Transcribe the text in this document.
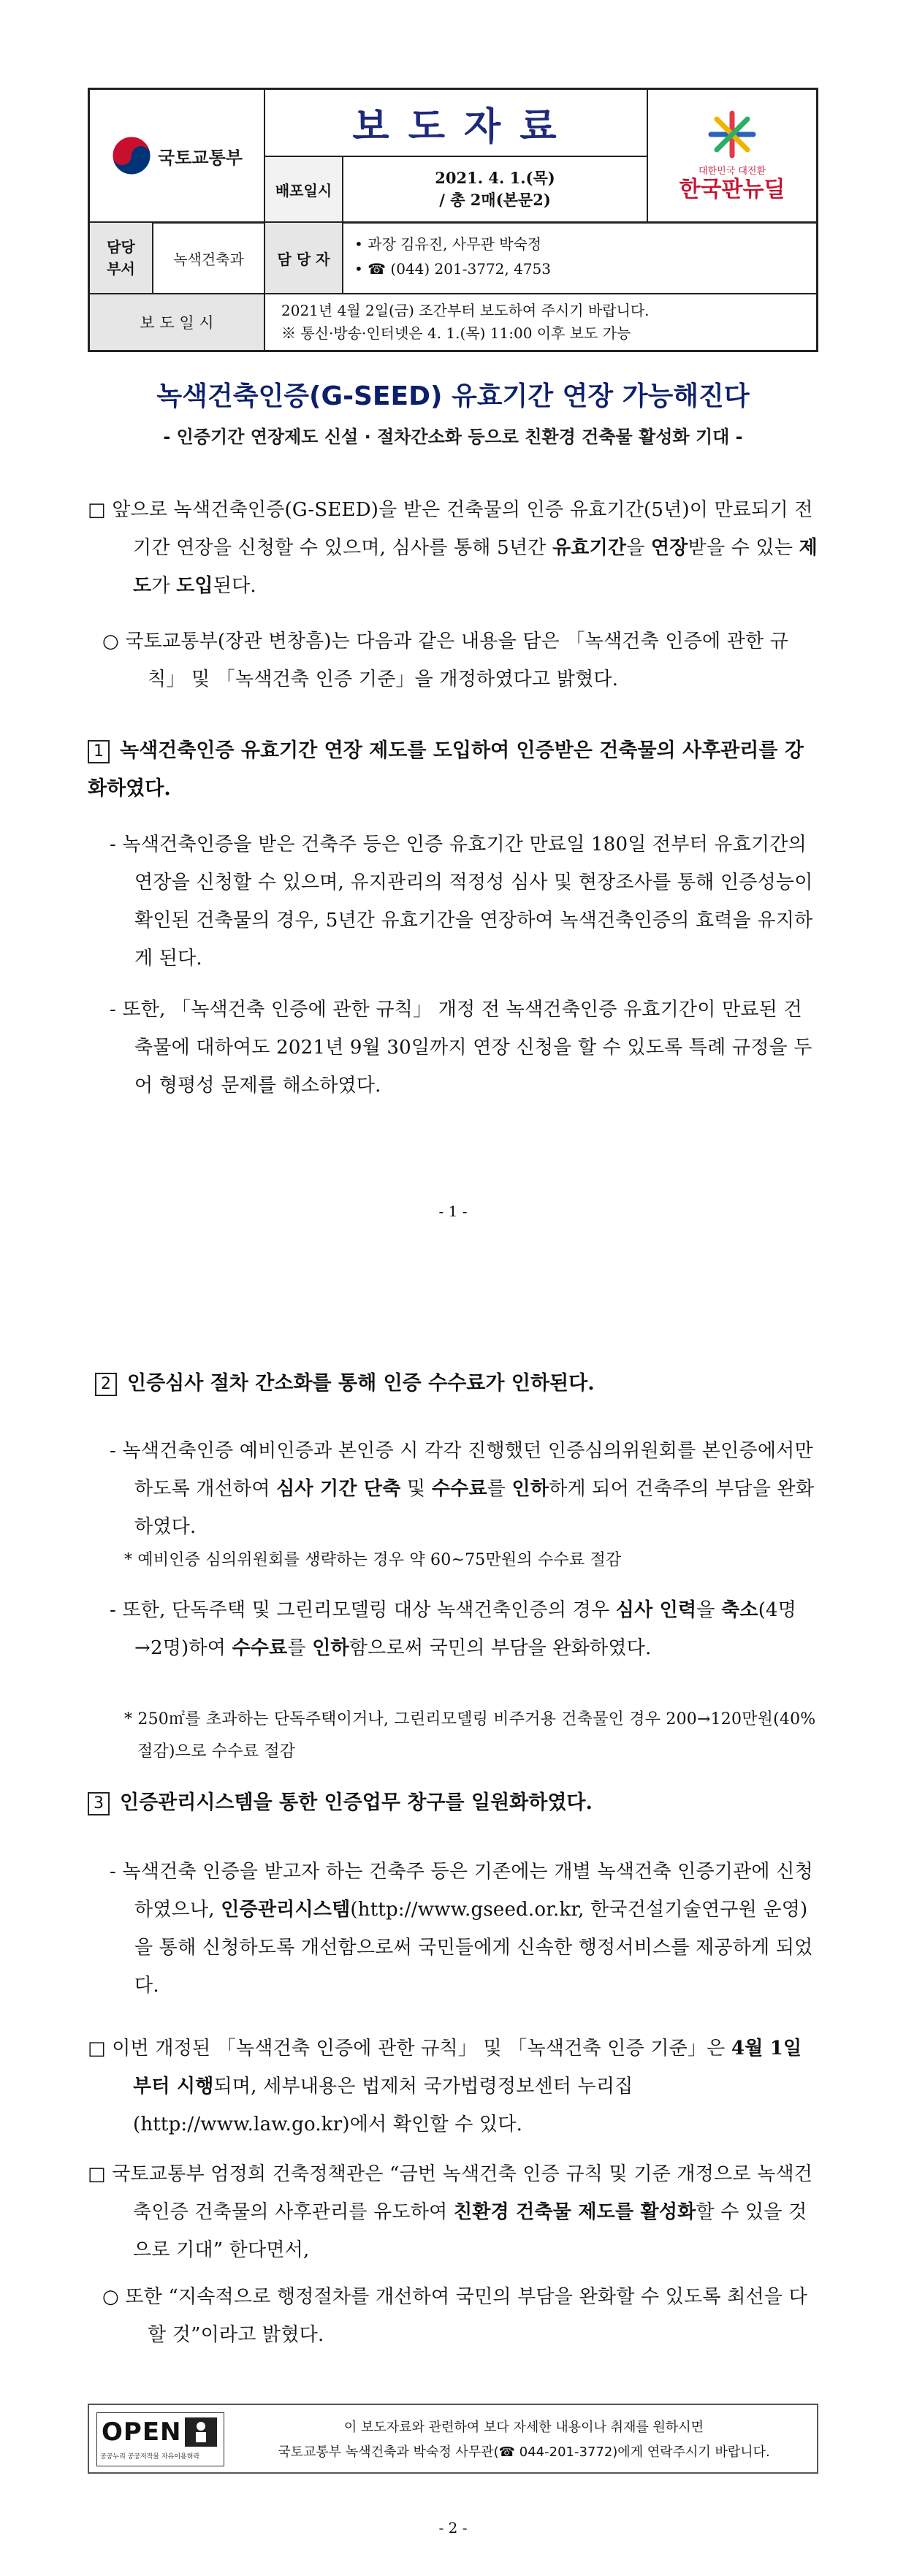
국토교통부
보 도 자 료
배포일시
2021. 4. 1.(목)
/ 총 2매(본문2)
대한민국 대전환
한국판뉴딜
담당
부서
녹색건축과	담 당 자
• 과장 김유진, 사무관 박숙정
• ☎ (044) 201-3772, 4753
보 도 일 시
2021년 4월 2일(금) 조간부터 보도하여 주시기 바랍니다.
※ 통신·방송·인터넷은 4. 1.(목) 11:00 이후 보도 가능
녹색건축인증(G-SEED) 유효기간 연장 가능해진다
- 인증기간 연장제도 신설 · 절차간소화 등으로 친환경 건축물 활성화 기대 -

□ 앞으로 녹색건축인증(G-SEED)을 받은 건축물의 인증 유효기간(5년)이 만료되기 전 기간 연장을 신청할 수 있으며, 심사를 통해 5년간 유효기간을 연장받을 수 있는 제도가 도입된다.

○ 국토교통부(장관 변창흠)는 다음과 같은 내용을 담은 「녹색건축 인증에 관한 규칙」 및 「녹색건축 인증 기준」을 개정하였다고 밝혔다.

1 녹색건축인증 유효기간 연장 제도를 도입하여 인증받은 건축물의 사후관리를 강화하였다.

- 녹색건축인증을 받은 건축주 등은 인증 유효기간 만료일 180일 전부터 유효기간의 연장을 신청할 수 있으며, 유지관리의 적정성 심사 및 현장조사를 통해 인증성능이 확인된 건축물의 경우, 5년간 유효기간을 연장하여 녹색건축인증의 효력을 유지하게 된다.

- 또한, 「녹색건축 인증에 관한 규칙」 개정 전 녹색건축인증 유효기간이 만료된 건축물에 대하여도 2021년 9월 30일까지 연장 신청을 할 수 있도록 특례 규정을 두어 형평성 문제를 해소하였다.

- 1 -
2 인증심사 절차 간소화를 통해 인증 수수료가 인하된다.

- 녹색건축인증 예비인증과 본인증 시 각각 진행했던 인증심의위원회를 본인증에서만 하도록 개선하여 심사 기간 단축 및 수수료를 인하하게 되어 건축주의 부담을 완화하였다.

* 예비인증 심의위원회를 생략하는 경우 약 60~75만원의 수수료 절감

- 또한, 단독주택 및 그린리모델링 대상 녹색건축인증의 경우 심사 인력을 축소(4명→2명)하여 수수료를 인하함으로써 국민의 부담을 완화하였다.

* 250㎡를 초과하는 단독주택이거나, 그린리모델링 비주거용 건축물인 경우 200→120만원(40% 절감)으로 수수료 절감

3 인증관리시스템을 통한 인증업무 창구를 일원화하였다.

- 녹색건축 인증을 받고자 하는 건축주 등은 기존에는 개별 녹색건축 인증기관에 신청하였으나, 인증관리시스템(http://www.gseed.or.kr, 한국건설기술연구원 운영)을 통해 신청하도록 개선함으로써 국민들에게 신속한 행정서비스를 제공하게 되었다.

□ 이번 개정된 「녹색건축 인증에 관한 규칙」 및 「녹색건축 인증 기준」은 4월 1일부터 시행되며, 세부내용은 법제처 국가법령정보센터 누리집(http://www.law.go.kr)에서 확인할 수 있다.

□ 국토교통부 엄정희 건축정책관은 “금번 녹색건축 인증 규칙 및 기준 개정으로 녹색건축인증 건축물의 사후관리를 유도하여 친환경 건축물 제도를 활성화할 수 있을 것으로 기대” 한다면서,

○ 또한 “지속적으로 행정절차를 개선하여 국민의 부담을 완화할 수 있도록 최선을 다할 것”이라고 밝혔다.

OPEN
공공누리 공공저작물 자유이용허락
이 보도자료와 관련하여 보다 자세한 내용이나 취재를 원하시면
국토교통부 녹색건축과 박숙정 사무관(☎ 044-201-3772)에게 연락주시기 바랍니다.
- 2 -
